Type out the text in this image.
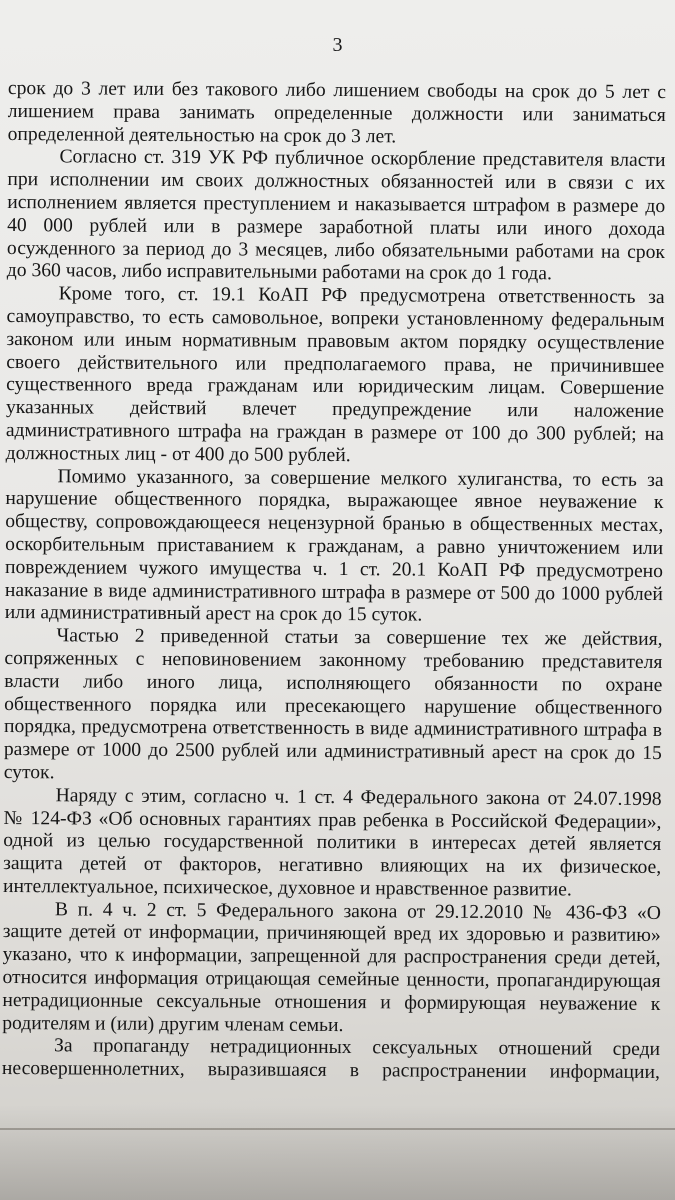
3
срок до 3 лет или без такового либо лишением свободы на срок до 5 лет с
лишением права занимать определенные должности или заниматься
определенной деятельностью на срок до 3 лет.
Согласно ст. 319 УК РФ публичное оскорбление представителя власти
при исполнении им своих должностных обязанностей или в связи с их
исполнением является преступлением и наказывается штрафом в размере до
40 000 рублей или в размере заработной платы или иного дохода
осужденного за период до 3 месяцев, либо обязательными работами на срок
до 360 часов, либо исправительными работами на срок до 1 года.
Кроме того, ст. 19.1 КоАП РФ предусмотрена ответственность за
самоуправство, то есть самовольное, вопреки установленному федеральным
законом или иным нормативным правовым актом порядку осуществление
своего действительного или предполагаемого права, не причинившее
существенного вреда гражданам или юридическим лицам. Совершение
указанных действий влечет предупреждение или наложение
административного штрафа на граждан в размере от 100 до 300 рублей; на
должностных лиц - от 400 до 500 рублей.
Помимо указанного, за совершение мелкого хулиганства, то есть за
нарушение общественного порядка, выражающее явное неуважение к
обществу, сопровождающееся нецензурной бранью в общественных местах,
оскорбительным приставанием к гражданам, а равно уничтожением или
повреждением чужого имущества ч. 1 ст. 20.1 КоАП РФ предусмотрено
наказание в виде административного штрафа в размере от 500 до 1000 рублей
или административный арест на срок до 15 суток.
Частью 2 приведенной статьи за совершение тех же действия,
сопряженных с неповиновением законному требованию представителя
власти либо иного лица, исполняющего обязанности по охране
общественного порядка или пресекающего нарушение общественного
порядка, предусмотрена ответственность в виде административного штрафа в
размере от 1000 до 2500 рублей или административный арест на срок до 15
суток.
Наряду с этим, согласно ч. 1 ст. 4 Федерального закона от 24.07.1998
№ 124-ФЗ «Об основных гарантиях прав ребенка в Российской Федерации»,
одной из целью государственной политики в интересах детей является
защита детей от факторов, негативно влияющих на их физическое,
интеллектуальное, психическое, духовное и нравственное развитие.
В п. 4 ч. 2 ст. 5 Федерального закона от 29.12.2010 № 436-ФЗ «О
защите детей от информации, причиняющей вред их здоровью и развитию»
указано, что к информации, запрещенной для распространения среди детей,
относится информация отрицающая семейные ценности, пропагандирующая
нетрадиционные сексуальные отношения и формирующая неуважение к
родителям и (или) другим членам семьи.
За пропаганду нетрадиционных сексуальных отношений среди
несовершеннолетних, выразившаяся в распространении информации,
